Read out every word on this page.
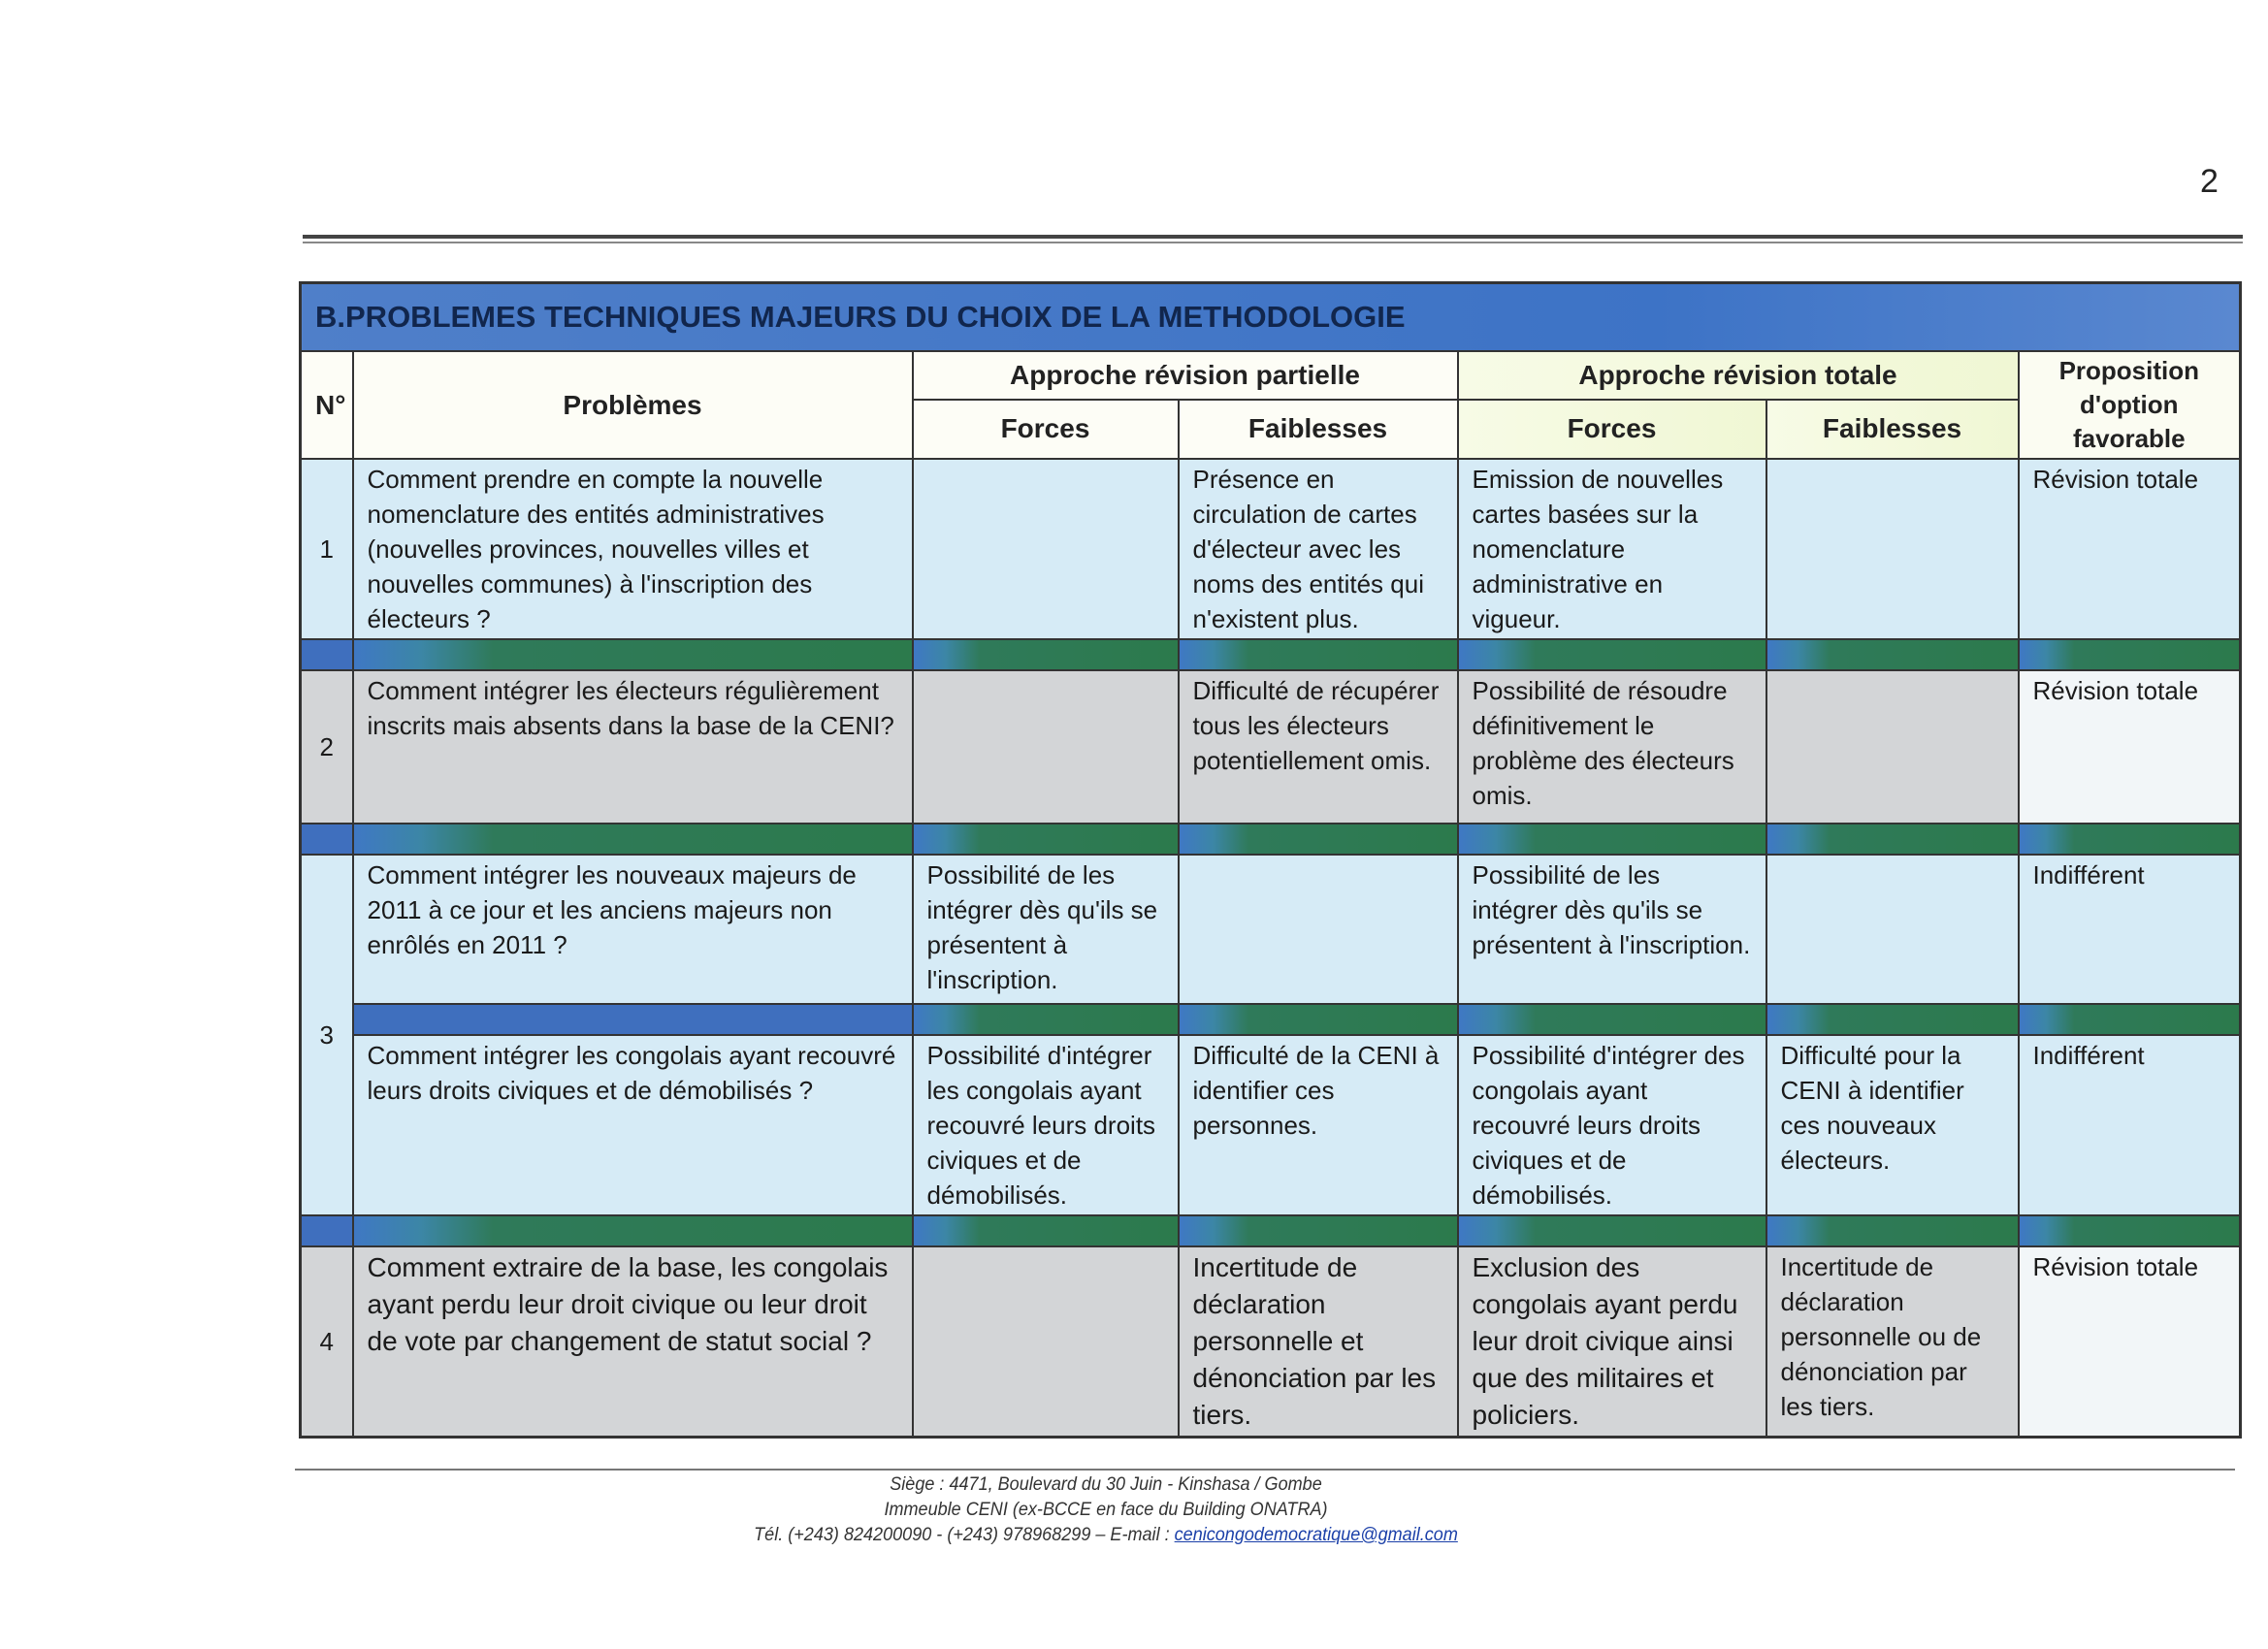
2
B.PROBLEMES TECHNIQUES MAJEURS DU CHOIX DE LA METHODOLOGIE						
N°	Problèmes	Approche révision partielle		Approche révision totale		Proposition d'option favorable
		Forces	Faiblesses	Forces	Faiblesses	
1	Comment prendre en compte la nouvelle nomenclature des entités administratives (nouvelles provinces, nouvelles villes et nouvelles communes) à l'inscription des électeurs ?		Présence en circulation de cartes d'électeur avec les noms des entités qui n'existent plus.	Emission de nouvelles cartes basées sur la nomenclature administrative en vigueur.		Révision totale

2	Comment intégrer les électeurs régulièrement inscrits mais absents dans la base de la CENI?		Difficulté de récupérer tous les électeurs potentiellement omis.	Possibilité de résoudre définitivement le problème des électeurs omis.		Révision totale

3	Comment intégrer les nouveaux majeurs de 2011 à ce jour et les anciens majeurs non enrôlés en 2011 ?	Possibilité de les intégrer dès qu'ils se présentent à l'inscription.		Possibilité de les intégrer dès qu'ils se présentent à l'inscription.		Indifférent

	Comment intégrer les congolais ayant recouvré leurs droits civiques et de démobilisés ?	Possibilité d'intégrer les congolais ayant recouvré leurs droits civiques et de démobilisés.	Difficulté de la CENI à identifier ces personnes.	Possibilité d'intégrer des congolais ayant recouvré leurs droits civiques et de démobilisés.	Difficulté pour la CENI à identifier ces nouveaux électeurs.	Indifférent

4	Comment extraire de la base, les congolais ayant perdu leur droit civique ou leur droit de vote par changement de statut social ?		Incertitude de déclaration personnelle et dénonciation par les tiers.	Exclusion des congolais ayant perdu leur droit civique ainsi que des militaires et policiers.	Incertitude de déclaration personnelle ou de dénonciation par les tiers.	Révision totale
Siège : 4471, Boulevard du 30 Juin - Kinshasa / Gombe
Immeuble CENI (ex-BCCE en face du Building ONATRA)
Tél. (+243) 824200090 - (+243) 978968299 – E-mail : cenicongodemocratique@gmail.com
